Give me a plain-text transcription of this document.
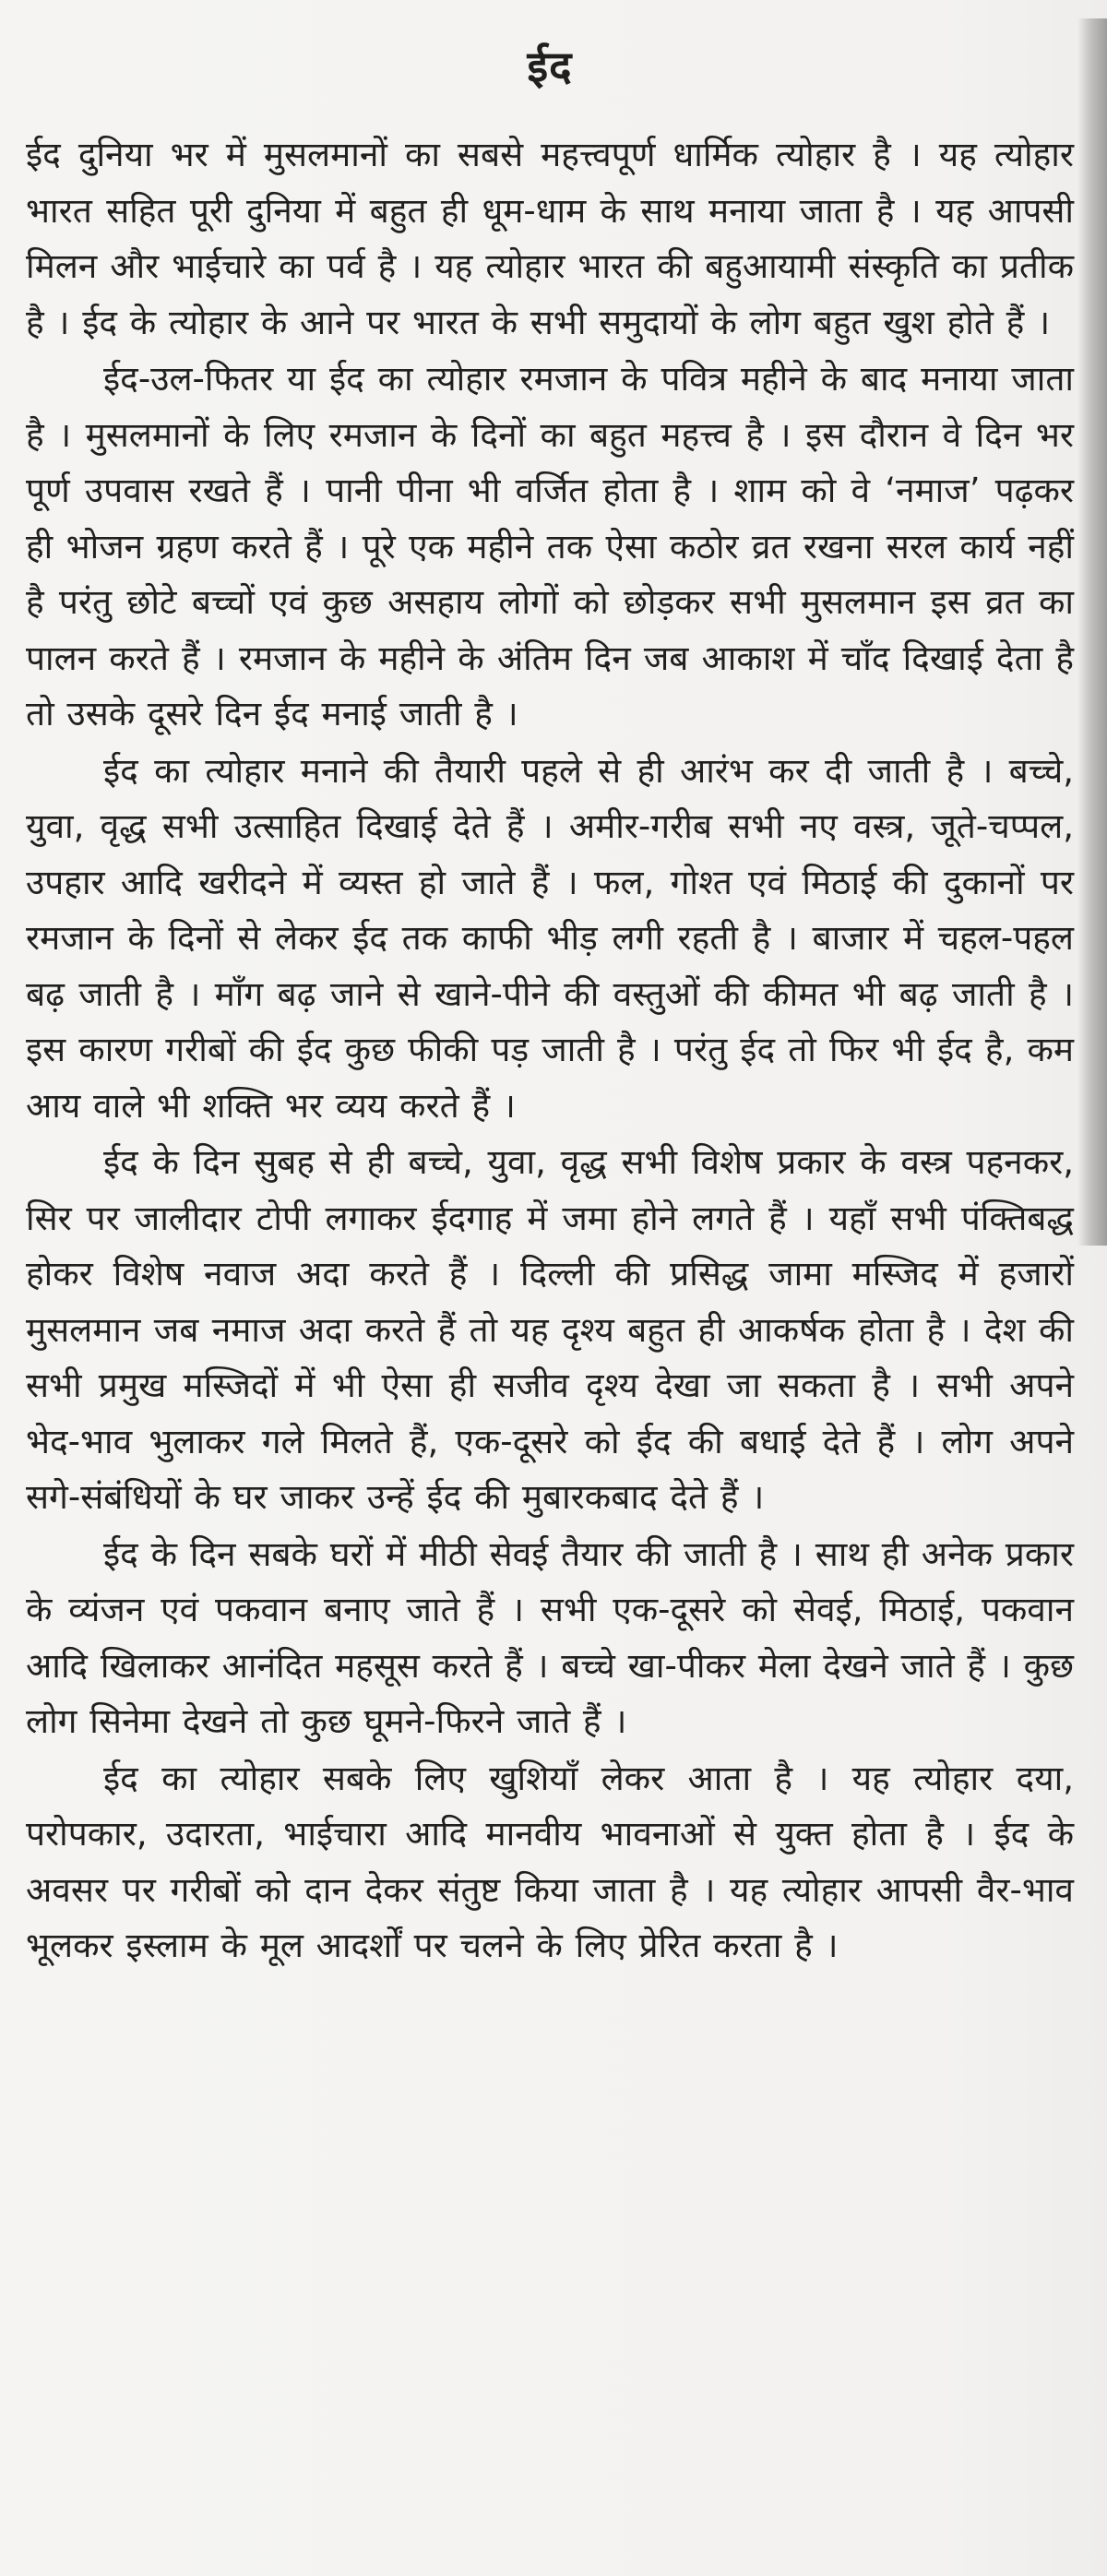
ईद

ईद दुनिया भर में मुसलमानों का सबसे महत्त्वपूर्ण धार्मिक त्योहार है । यह त्योहार भारत सहित पूरी दुनिया में बहुत ही धूम-धाम के साथ मनाया जाता है । यह आपसी मिलन और भाईचारे का पर्व है । यह त्योहार भारत की बहुआयामी संस्कृति का प्रतीक है । ईद के त्योहार के आने पर भारत के सभी समुदायों के लोग बहुत खुश होते हैं ।

ईद-उल-फितर या ईद का त्योहार रमजान के पवित्र महीने के बाद मनाया जाता है । मुसलमानों के लिए रमजान के दिनों का बहुत महत्त्व है । इस दौरान वे दिन भर पूर्ण उपवास रखते हैं । पानी पीना भी वर्जित होता है । शाम को वे ‘नमाज’ पढ़कर ही भोजन ग्रहण करते हैं । पूरे एक महीने तक ऐसा कठोर व्रत रखना सरल कार्य नहीं है परंतु छोटे बच्चों एवं कुछ असहाय लोगों को छोड़कर सभी मुसलमान इस व्रत का पालन करते हैं । रमजान के महीने के अंतिम दिन जब आकाश में चाँद दिखाई देता है तो उसके दूसरे दिन ईद मनाई जाती है ।

ईद का त्योहार मनाने की तैयारी पहले से ही आरंभ कर दी जाती है । बच्चे, युवा, वृद्ध सभी उत्साहित दिखाई देते हैं । अमीर-गरीब सभी नए वस्त्र, जूते-चप्पल, उपहार आदि खरीदने में व्यस्त हो जाते हैं । फल, गोश्त एवं मिठाई की दुकानों पर रमजान के दिनों से लेकर ईद तक काफी भीड़ लगी रहती है । बाजार में चहल-पहल बढ़ जाती है । माँग बढ़ जाने से खाने-पीने की वस्तुओं की कीमत भी बढ़ जाती है । इस कारण गरीबों की ईद कुछ फीकी पड़ जाती है । परंतु ईद तो फिर भी ईद है, कम आय वाले भी शक्ति भर व्यय करते हैं ।

ईद के दिन सुबह से ही बच्चे, युवा, वृद्ध सभी विशेष प्रकार के वस्त्र पहनकर, सिर पर जालीदार टोपी लगाकर ईदगाह में जमा होने लगते हैं । यहाँ सभी पंक्तिबद्ध होकर विशेष नवाज अदा करते हैं । दिल्ली की प्रसिद्ध जामा मस्जिद में हजारों मुसलमान जब नमाज अदा करते हैं तो यह दृश्य बहुत ही आकर्षक होता है । देश की सभी प्रमुख मस्जिदों में भी ऐसा ही सजीव दृश्य देखा जा सकता है । सभी अपने भेद-भाव भुलाकर गले मिलते हैं, एक-दूसरे को ईद की बधाई देते हैं । लोग अपने सगे-संबंधियों के घर जाकर उन्हें ईद की मुबारकबाद देते हैं ।

ईद के दिन सबके घरों में मीठी सेवई तैयार की जाती है । साथ ही अनेक प्रकार के व्यंजन एवं पकवान बनाए जाते हैं । सभी एक-दूसरे को सेवई, मिठाई, पकवान आदि खिलाकर आनंदित महसूस करते हैं । बच्चे खा-पीकर मेला देखने जाते हैं । कुछ लोग सिनेमा देखने तो कुछ घूमने-फिरने जाते हैं ।

ईद का त्योहार सबके लिए खुशियाँ लेकर आता है । यह त्योहार दया, परोपकार, उदारता, भाईचारा आदि मानवीय भावनाओं से युक्त होता है । ईद के अवसर पर गरीबों को दान देकर संतुष्ट किया जाता है । यह त्योहार आपसी वैर-भाव भूलकर इस्लाम के मूल आदर्शों पर चलने के लिए प्रेरित करता है ।
